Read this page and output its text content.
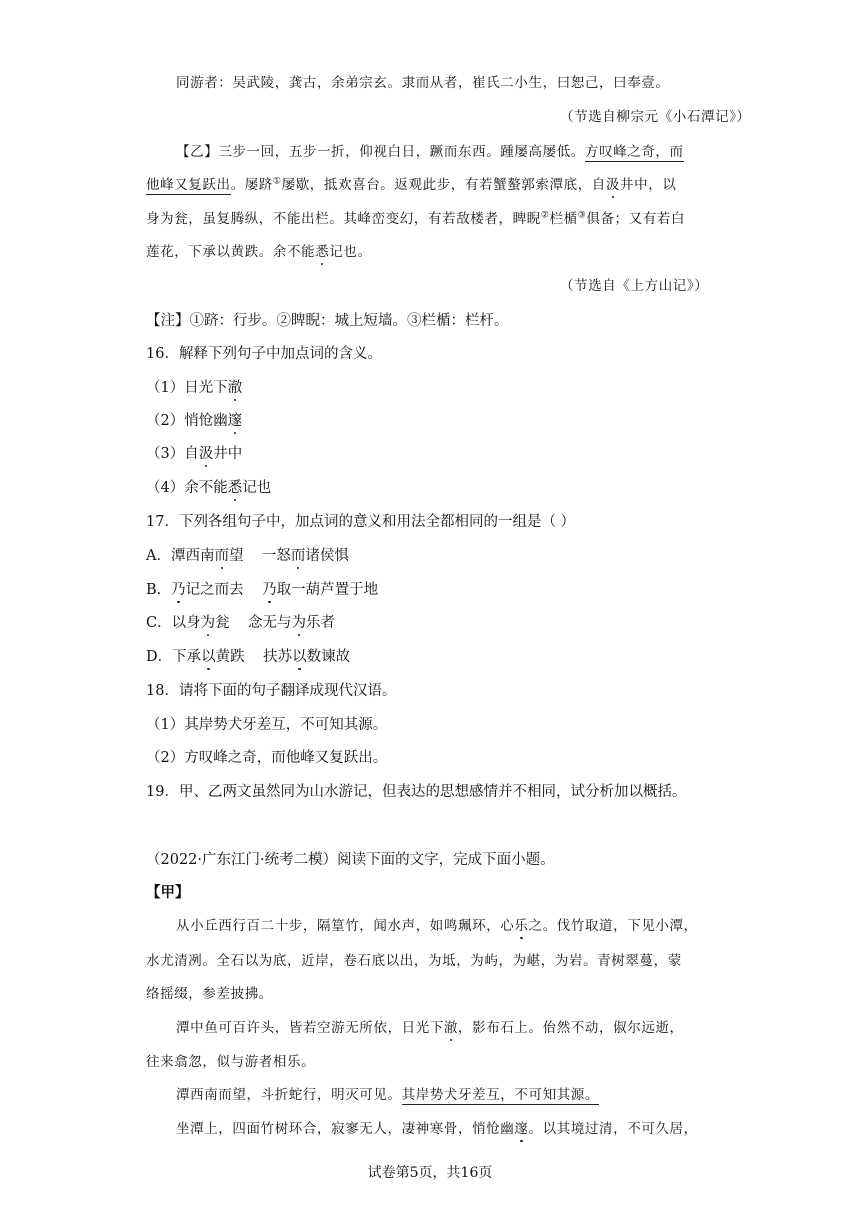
同游者：吴武陵，龚古，余弟宗玄。隶而从者，崔氏二小生，曰恕己，曰奉壹。
（节选自柳宗元《小石潭记》）
【乙】三步一回，五步一折，仰视白日，蹶而东西。踵屡高屡低。方叹峰之奇，而
他峰又复跃出。屡跻①屡歇，抵欢喜台。返观此步，有若蟹螯郭索潭底，自汲井中，以
身为瓮，虽复腾纵，不能出栏。其峰峦变幻，有若敌楼者，睥睨②栏楯③俱备；又有若白
莲花，下承以黄跌。余不能悉记也。
（节选自《上方山记》）
【注】①跻：行步。②睥睨：城上短墙。③栏楯：栏杆。
16．解释下列句子中加点词的含义。
（1）日光下澈
（2）悄怆幽邃
（3）自汲井中
（4）余不能悉记也
17．下列各组句子中，加点词的意义和用法全都相同的一组是（ ）
A．潭西南而望    一怒而诸侯惧
B．乃记之而去    乃取一葫芦置于地
C．以身为瓮    念无与为乐者
D．下承以黄跌    扶苏以数谏故
18．请将下面的句子翻译成现代汉语。
（1）其岸势犬牙差互，不可知其源。
（2）方叹峰之奇，而他峰又复跃出。
19．甲、乙两文虽然同为山水游记，但表达的思想感情并不相同，试分析加以概括。
（2022·广东江门·统考二模）阅读下面的文字，完成下面小题。
【甲】
从小丘西行百二十步，隔篁竹，闻水声，如鸣珮环，心乐之。伐竹取道，下见小潭，
水尤清冽。全石以为底，近岸，卷石底以出，为坻，为屿，为嵁，为岩。青树翠蔓，蒙
络摇缀，参差披拂。
潭中鱼可百许头，皆若空游无所依，日光下澈，影布石上。佁然不动，俶尔远逝，
往来翕忽，似与游者相乐。
潭西南而望，斗折蛇行，明灭可见。其岸势犬牙差互，不可知其源。
坐潭上，四面竹树环合，寂寥无人，凄神寒骨，悄怆幽邃。以其境过清，不可久居，
试卷第5页，共16页
